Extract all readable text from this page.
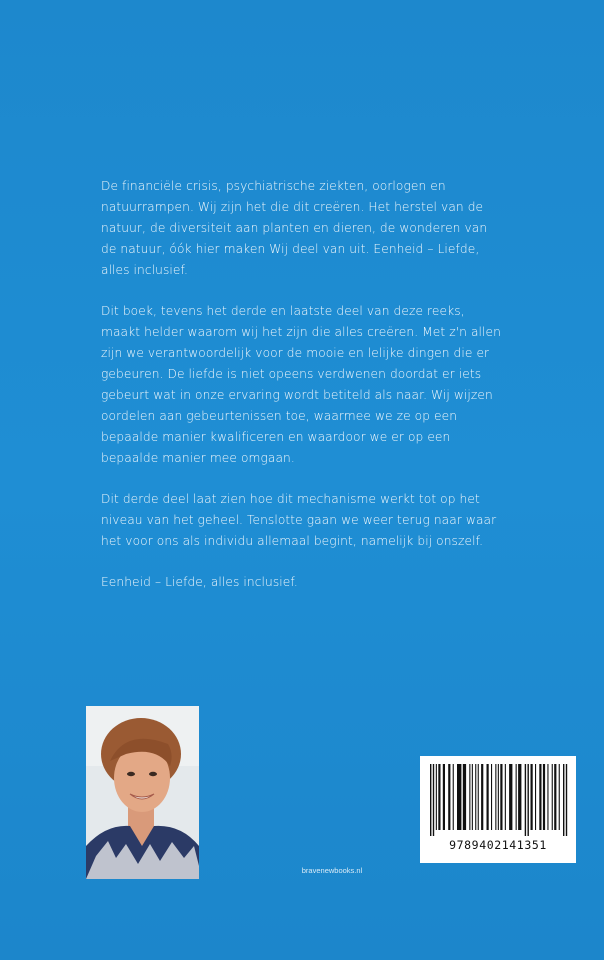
De financiële crisis, psychiatrische ziekten, oorlogen en natuurrampen. Wij zijn het die dit creëren. Het herstel van de natuur, de diversiteit aan planten en dieren, de wonderen van de natuur, óók hier maken Wij deel van uit. Eenheid – Liefde, alles inclusief.

Dit boek, tevens het derde en laatste deel van deze reeks, maakt helder waarom wij het zijn die alles creëren. Met z'n allen zijn we verantwoordelijk voor de mooie en lelijke dingen die er gebeuren. De liefde is niet opeens verdwenen doordat er iets gebeurt wat in onze ervaring wordt betiteld als naar. Wij wijzen oordelen aan gebeurtenissen toe, waarmee we ze op een bepaalde manier kwalificeren en waardoor we er op een bepaalde manier mee omgaan.

Dit derde deel laat zien hoe dit mechanisme werkt tot op het niveau van het geheel. Tenslotte gaan we weer terug naar waar het voor ons als individu allemaal begint, namelijk bij onszelf.

Eenheid – Liefde, alles inclusief.

bravenewbooks.nl
9789402141351
